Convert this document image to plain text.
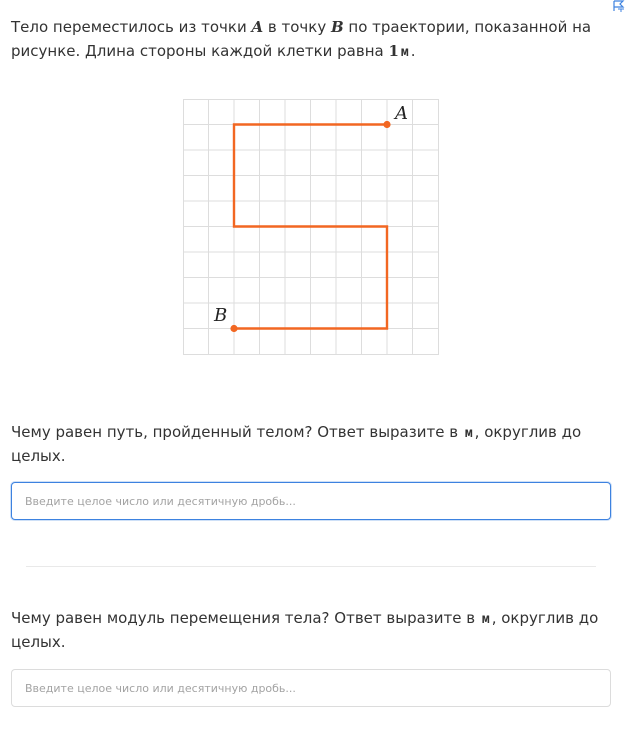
Тело переместилось из точки A в точку B по траектории, показанной на рисунке. Длина стороны каждой клетки равна 1 м .
A
B
Чему равен путь, пройденный телом? Ответ выразите в м , округлив до целых.
Введите целое число или десятичную дробь...
Чему равен модуль перемещения тела? Ответ выразите в м , округлив до целых.
Введите целое число или десятичную дробь...
